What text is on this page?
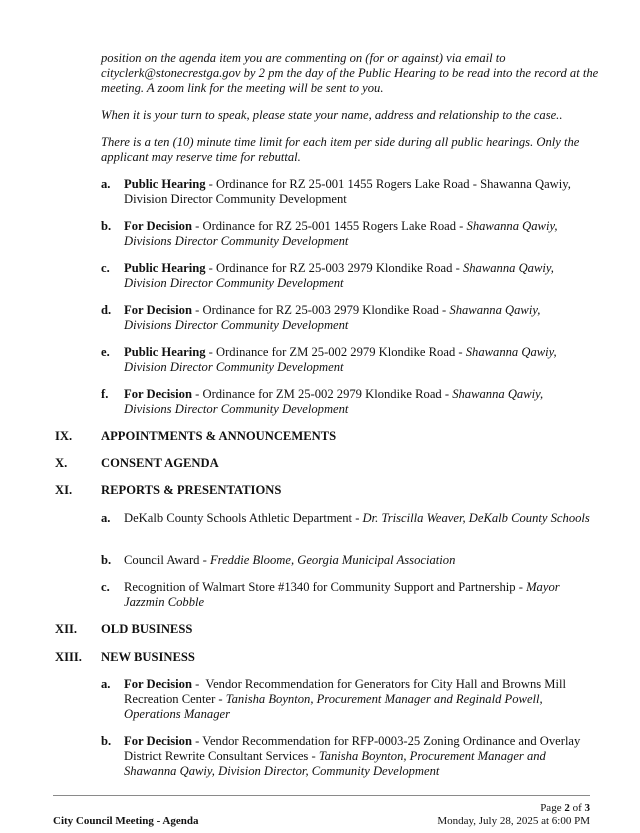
position on the agenda item you are commenting on (for or against) via email to cityclerk@stonecrestga.gov by 2 pm the day of the Public Hearing to be read into the record at the meeting. A zoom link for the meeting will be sent to you.
When it is your turn to speak, please state your name, address and relationship to the case..
There is a ten (10) minute time limit for each item per side during all public hearings. Only the applicant may reserve time for rebuttal.
a. Public Hearing - Ordinance for RZ 25-001 1455 Rogers Lake Road - Shawanna Qawiy, Division Director Community Development
b. For Decision - Ordinance for RZ 25-001 1455 Rogers Lake Road - Shawanna Qawiy, Divisions Director Community Development
c. Public Hearing - Ordinance for RZ 25-003 2979 Klondike Road - Shawanna Qawiy, Division Director Community Development
d. For Decision - Ordinance for RZ 25-003 2979 Klondike Road - Shawanna Qawiy, Divisions Director Community Development
e. Public Hearing - Ordinance for ZM 25-002 2979 Klondike Road - Shawanna Qawiy, Division Director Community Development
f. For Decision - Ordinance for ZM 25-002 2979 Klondike Road - Shawanna Qawiy, Divisions Director Community Development
IX. APPOINTMENTS & ANNOUNCEMENTS
X.	CONSENT AGENDA
XI. REPORTS & PRESENTATIONS
a. DeKalb County Schools Athletic Department - Dr. Triscilla Weaver, DeKalb County Schools
b. Council Award - Freddie Bloome, Georgia Municipal Association
c. Recognition of Walmart Store #1340 for Community Support and Partnership - Mayor Jazzmin Cobble
XII. OLD BUSINESS
XIII. NEW BUSINESS
a. For Decision -  Vendor Recommendation for Generators for City Hall and Browns Mill Recreation Center - Tanisha Boynton, Procurement Manager and Reginald Powell, Operations Manager
b. For Decision - Vendor Recommendation for RFP-0003-25 Zoning Ordinance and Overlay District Rewrite Consultant Services - Tanisha Boynton, Procurement Manager and Shawanna Qawiy, Division Director, Community Development
Page 2 of 3
City Council Meeting - Agenda	Monday, July 28, 2025 at 6:00 PM
